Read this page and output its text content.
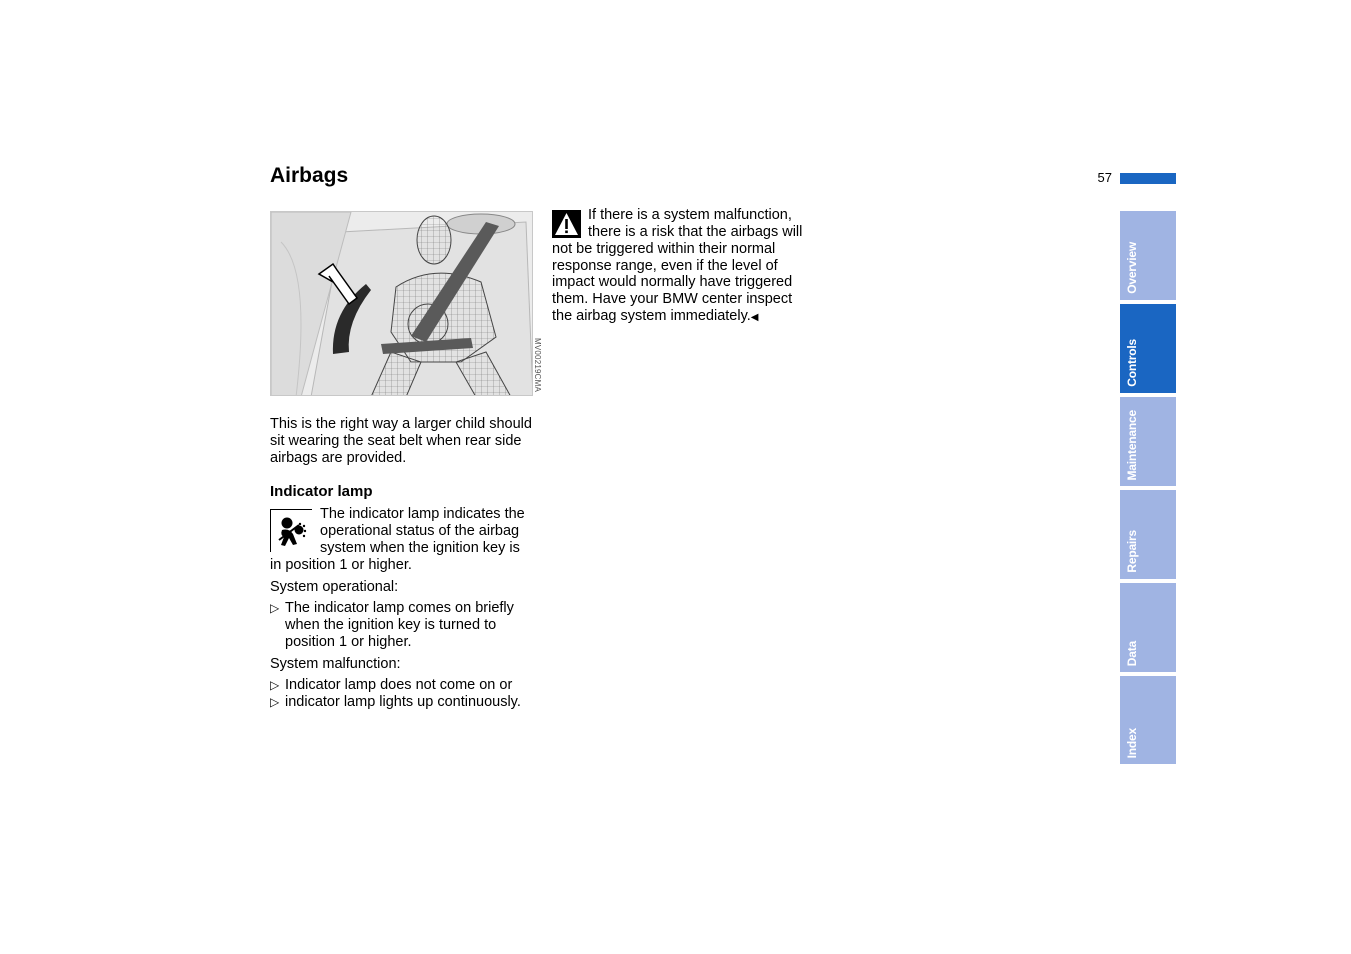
Airbags	57
MV00219CMA

This is the right way a larger child should sit wearing the seat belt when rear side airbags are provided.

Indicator lamp
The indicator lamp indicates the
operational status of the airbag
system when the ignition key is
in position 1 or higher.
System operational:
▷ The indicator lamp comes on briefly
when the ignition key is turned to
position 1 or higher.
System malfunction:
▷ Indicator lamp does not come on or
▷ indicator lamp lights up continuously.
If there is a system malfunction,
there is a risk that the airbags will
not be triggered within their normal
response range, even if the level of
impact would normally have triggered
them. Have your BMW center inspect
the airbag system immediately.◀
Overview
Controls
Maintenance
Repairs
Data
Index
